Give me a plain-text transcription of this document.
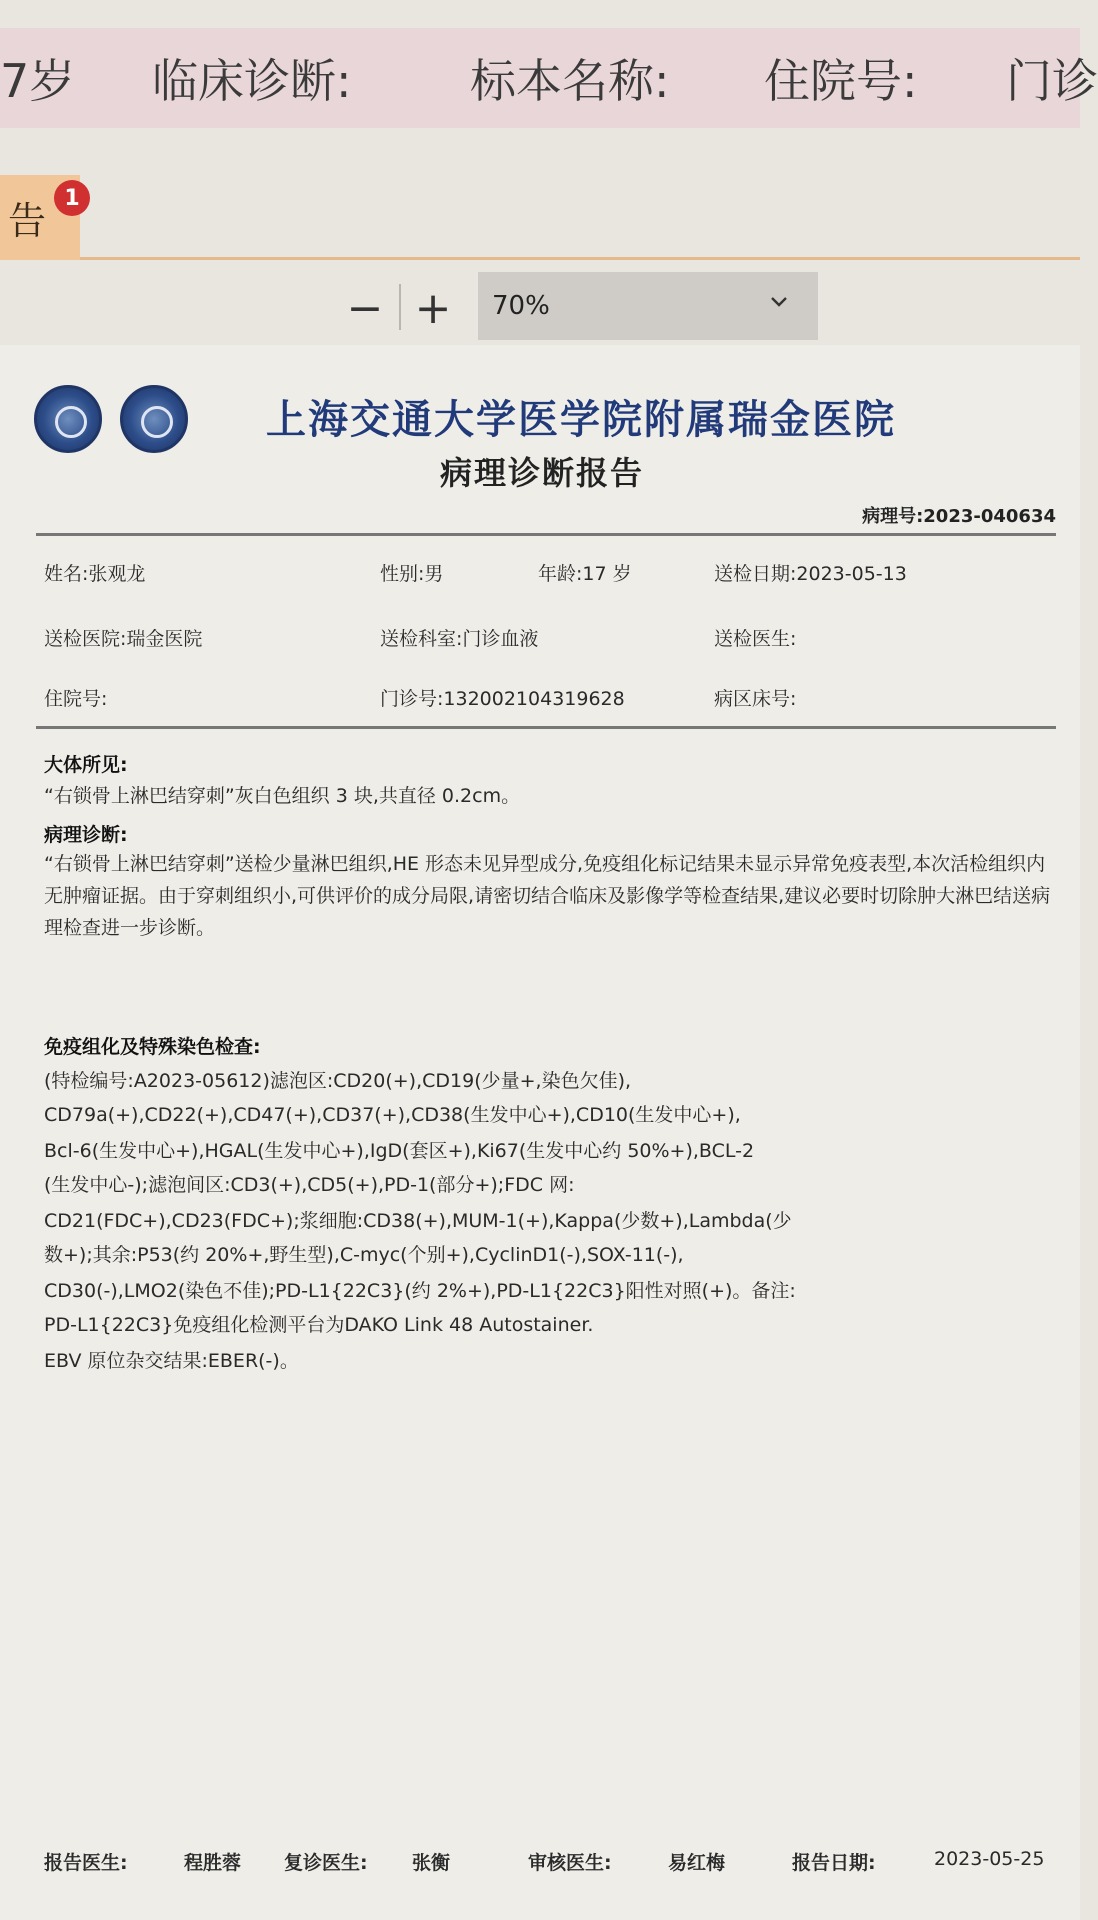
7岁 临床诊断:	标本名称: 住院号: 门诊
告
1
− + 70%
上海交通大学医学院附属瑞金医院
病理诊断报告
病理号:2023-040634
姓名:张观龙	性别:男	年龄:17 岁	送检日期:2023-05-13
送检医院:瑞金医院	送检科室:门诊血液	送检医生:
住院号:	门诊号:132002104319628	病区床号:
大体所见:
“右锁骨上淋巴结穿刺”灰白色组织 3 块,共直径 0.2cm。
病理诊断:
“右锁骨上淋巴结穿刺”送检少量淋巴组织,HE 形态未见异型成分,免疫组化标记结果未显示异常免疫表型,本次活检组织内无肿瘤证据。由于穿刺组织小,可供评价的成分局限,请密切结合临床及影像学等检查结果,建议必要时切除肿大淋巴结送病理检查进一步诊断。
免疫组化及特殊染色检查:
(特检编号:A2023-05612)滤泡区:CD20(+),CD19(少量+,染色欠佳),
CD79a(+),CD22(+),CD47(+),CD37(+),CD38(生发中心+),CD10(生发中心+),
Bcl-6(生发中心+),HGAL(生发中心+),IgD(套区+),Ki67(生发中心约 50%+),BCL-2
(生发中心-);滤泡间区:CD3(+),CD5(+),PD-1(部分+);FDC 网:
CD21(FDC+),CD23(FDC+);浆细胞:CD38(+),MUM-1(+),Kappa(少数+),Lambda(少
数+);其余:P53(约 20%+,野生型),C-myc(个别+),CyclinD1(-),SOX-11(-),
CD30(-),LMO2(染色不佳);PD-L1{22C3}(约 2%+),PD-L1{22C3}阳性对照(+)。备注:
PD-L1{22C3}免疫组化检测平台为DAKO Link 48 Autostainer.
EBV 原位杂交结果:EBER(-)。
报告医生:	程胜蓉 复诊医生: 张衡	审核医生:	易红梅	报告日期:	2023-05-25
